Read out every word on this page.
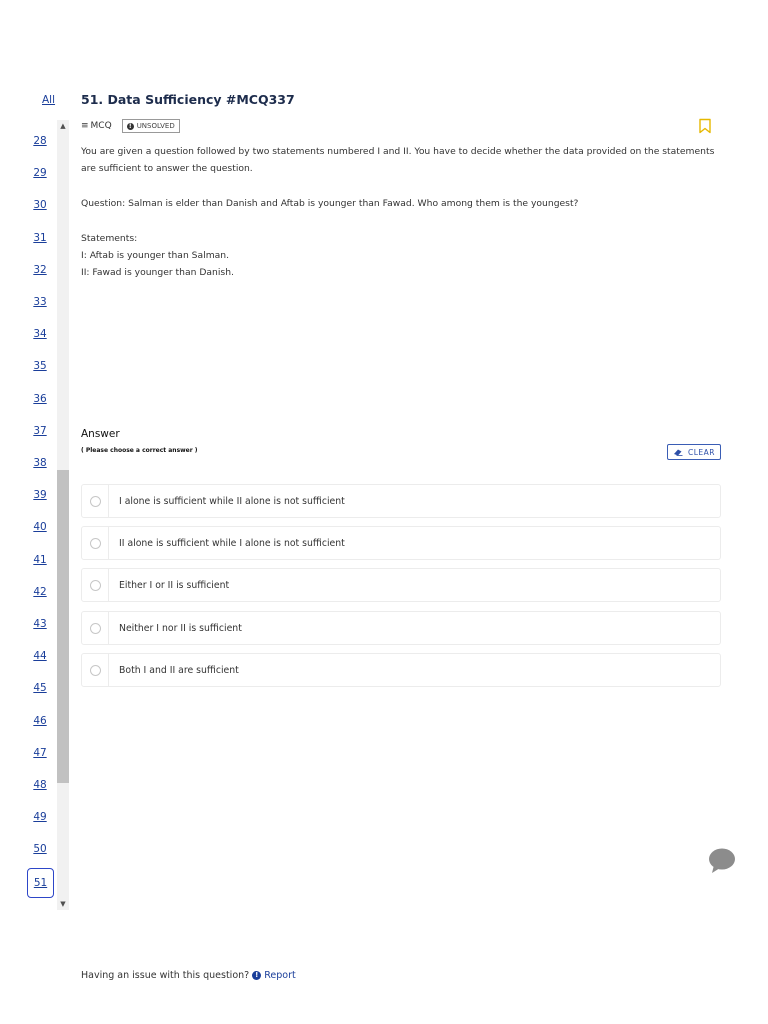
All 51. Data Sufficiency #MCQ337
28
29
30
31
32
33
34
35
36
37
38
39
40
41
42
43
44
45
46
47
48
49
50
51
▲
▼
≡ MCQ	! UNSOLVED

You are given a question followed by two statements numbered I and II. You have to decide whether the data provided on the statements are sufficient to answer the question.

Question: Salman is elder than Danish and Aftab is younger than Fawad. Who among them is the youngest?

Statements:

I: Aftab is younger than Salman.

II: Fawad is younger than Danish.

Answer
( Please choose a correct answer )	CLEAR
I alone is sufficient while II alone is not sufficient
II alone is sufficient while I alone is not sufficient
Either I or II is sufficient
Neither I nor II is sufficient
Both I and II are sufficient
Having an issue with this question? ! Report
